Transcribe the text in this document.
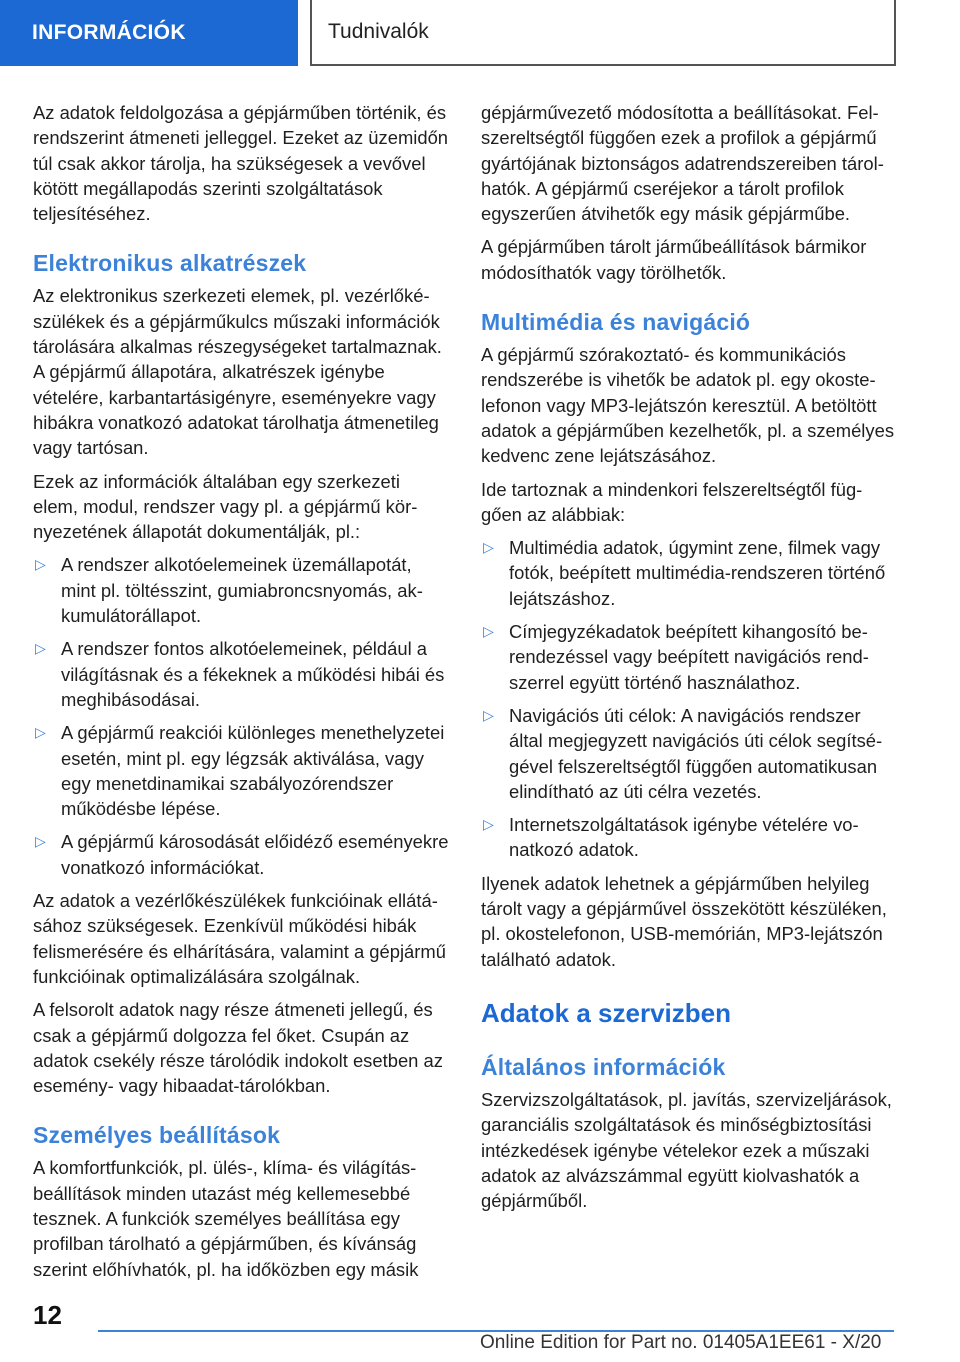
INFORMÁCIÓK	Tudnivalók

Az adatok feldolgozása a gépjárműben történik, és rendszerint átmeneti jelleggel. Ezeket az üzemidőn túl csak akkor tárolja, ha szükségesek a vevővel kötött megállapodás szerinti szolgáltatások teljesítéséhez.

Elektronikus alkatrészek

Az elektronikus szerkezeti elemek, pl. vezérlőkészülékek és a gépjárműkulcs műszaki információk tárolására alkalmas részegységeket tartalmaznak. A gépjármű állapotára, alkatrészek igénybe vételére, karbantartásigényre, eseményekre vagy hibákra vonatkozó adatokat tárolhatja átmenetileg vagy tartósan.

Ezek az információk általában egy szerkezeti elem, modul, rendszer vagy pl. a gépjármű környezetének állapotát dokumentálják, pl.:

▷ A rendszer alkotóelemeinek üzemállapotát, mint pl. töltésszint, gumiabroncsnyomás, akkumulátorállapot.
▷ A rendszer fontos alkotóelemeinek, például a világításnak és a fékeknek a működési hibái és meghibásodásai.
▷ A gépjármű reakciói különleges menethelyzetei esetén, mint pl. egy légzsák aktiválása, vagy egy menetdinamikai szabályozórendszer működésbe lépése.
▷ A gépjármű károsodását előidéző eseményekre vonatkozó információkat.

Az adatok a vezérlőkészülékek funkcióinak ellátásához szükségesek. Ezenkívül működési hibák felismerésére és elhárítására, valamint a gépjármű funkcióinak optimalizálására szolgálnak.

A felsorolt adatok nagy része átmeneti jellegű, és csak a gépjármű dolgozza fel őket. Csupán az adatok csekély része tárolódik indokolt esetben az esemény- vagy hibaadat-tárolókban.

Személyes beállítások

A komfortfunkciók, pl. ülés-, klíma- és világításbeállítások minden utazást még kellemesebbé tesznek. A funkciók személyes beállítása egy profilban tárolható a gépjárműben, és kívánság szerint előhívhatók, pl. ha időközben egy másik

gépjárművezető módosította a beállításokat. Felszereltségtől függően ezek a profilok a gépjármű gyártójának biztonságos adatrendszereiben tárolhatók. A gépjármű cseréjekor a tárolt profilok egyszerűen átvihetők egy másik gépjárműbe.

A gépjárműben tárolt járműbeállítások bármikor módosíthatók vagy törölhetők.

Multimédia és navigáció

A gépjármű szórakoztató- és kommunikációs rendszerébe is vihetők be adatok pl. egy okostelefonon vagy MP3-lejátszón keresztül. A betöltött adatok a gépjárműben kezelhetők, pl. a személyes kedvenc zene lejátszásához.

Ide tartoznak a mindenkori felszereltségtől függően az alábbiak:

▷ Multimédia adatok, úgymint zene, filmek vagy fotók, beépített multimédia-rendszeren történő lejátszáshoz.
▷ Címjegyzékadatok beépített kihangosító berendezéssel vagy beépített navigációs rendszerrel együtt történő használathoz.
▷ Navigációs úti célok: A navigációs rendszer által megjegyzett navigációs úti célok segítségével felszereltségtől függően automatikusan elindítható az úti célra vezetés.
▷ Internetszolgáltatások igénybe vételére vonatkozó adatok.

Ilyenek adatok lehetnek a gépjárműben helyileg tárolt vagy a gépjárművel összekötött készüléken, pl. okostelefonon, USB-memórián, MP3-lejátszón található adatok.

Adatok a szervizben
Általános információk

Szervizszolgáltatások, pl. javítás, szervizeljárások, garanciális szolgáltatások és minőségbiztosítási intézkedések igénybe vételekor ezek a műszaki adatok az alvázszámmal együtt kiolvashatók a gépjárműből.

12
Online Edition for Part no. 01405A1EE61 - X/20
